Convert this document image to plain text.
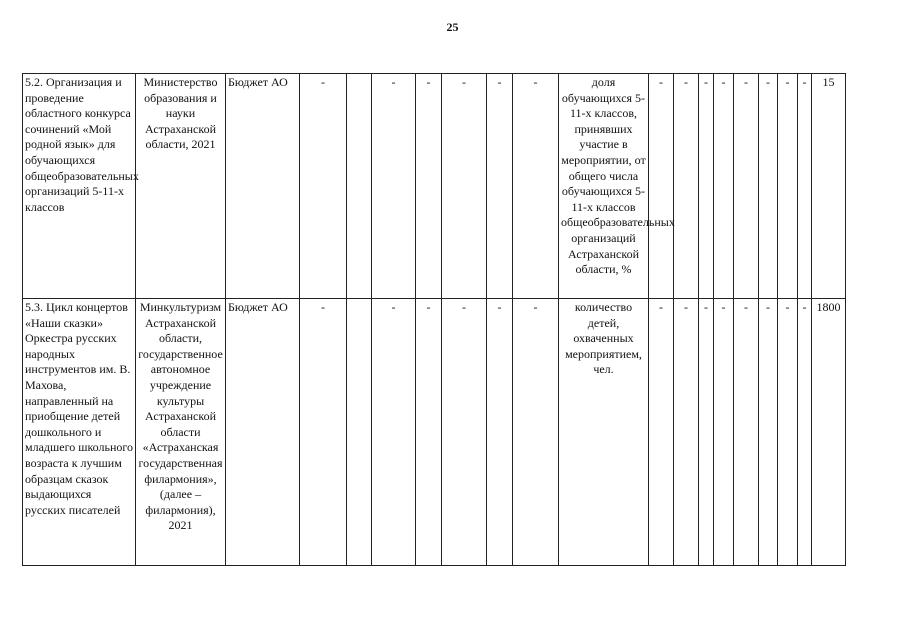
25
5.2. Организация и проведение областного конкурса сочинений «Мой родной язык» для обучающихся общеобразовательных организаций 5-11-х классов	Министерство образования и науки Астраханской области, 2021	Бюджет АО	-		-	-	-	-	-	доля обучающихся 5-11-х классов, принявших участие в мероприятии, от общего числа обучающихся 5-11-х классов общеобразовательных организаций Астраханской области, %	-	-	-	-	-	-	-	-	15
5.3. Цикл концертов «Наши сказки» Оркестра русских народных инструментов им. В. Махова, направленный на приобщение детей дошкольного и младшего школьного возраста к лучшим образцам сказок выдающихся русских писателей	Минкультуризм Астраханской области, государственное автономное учреждение культуры Астраханской области «Астраханская государственная филармония», (далее – филармония), 2021	Бюджет АО	-		-	-	-	-	-	количество детей, охваченных мероприятием, чел.	-	-	-	-	-	-	-	-	1800
